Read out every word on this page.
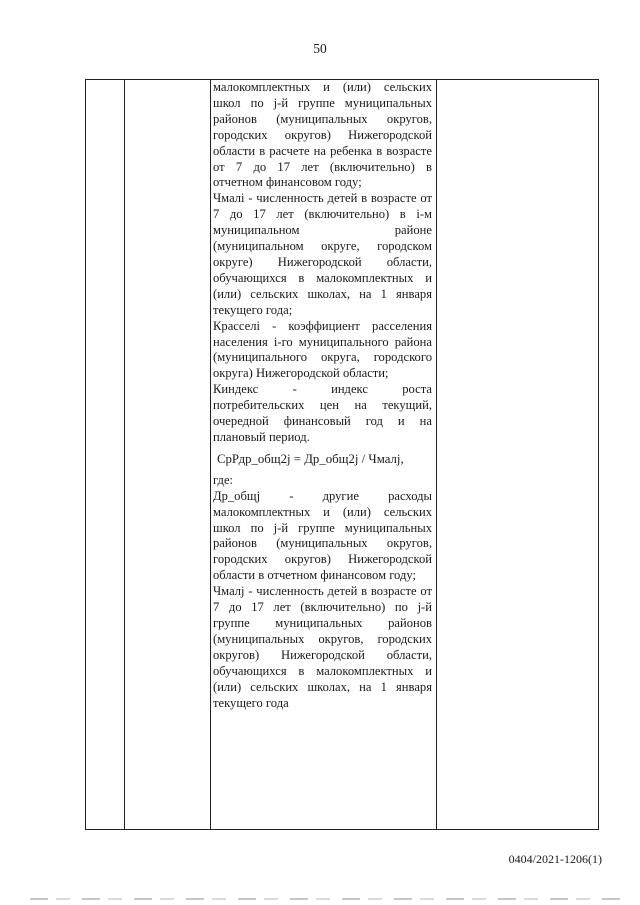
50

малокомплектных и (или) сельских школ по j-й группе муниципальных районов (муниципальных округов, городских округов) Нижегородской области в расчете на ребенка в возрасте от 7 до 17 лет (включительно) в отчетном финансовом году;

Чмалi - численность детей в возрасте от 7 до 17 лет (включительно) в i-м муниципальном районе (муниципальном округе, городском округе) Нижегородской области, обучающихся в малокомплектных и (или) сельских школах, на 1 января текущего года;

Красселi - коэффициент расселения населения i-го муниципального района (муниципального округа, городского округа) Нижегородской области;

Киндекс - индекс роста потребительских цен на текущий, очередной финансовый год и на плановый период.

СрРдр_общ2j = Др_общ2j / Чмалj,

где:

Др_общj - другие расходы малокомплектных и (или) сельских школ по j-й группе муниципальных районов (муниципальных округов, городских округов) Нижегородской области в отчетном финансовом году;

Чмалj - численность детей в возрасте от 7 до 17 лет (включительно) по j-й группе муниципальных районов (муниципальных округов, городских округов) Нижегородской области, обучающихся в малокомплектных и (или) сельских школах, на 1 января текущего года

0404/2021-1206(1)
